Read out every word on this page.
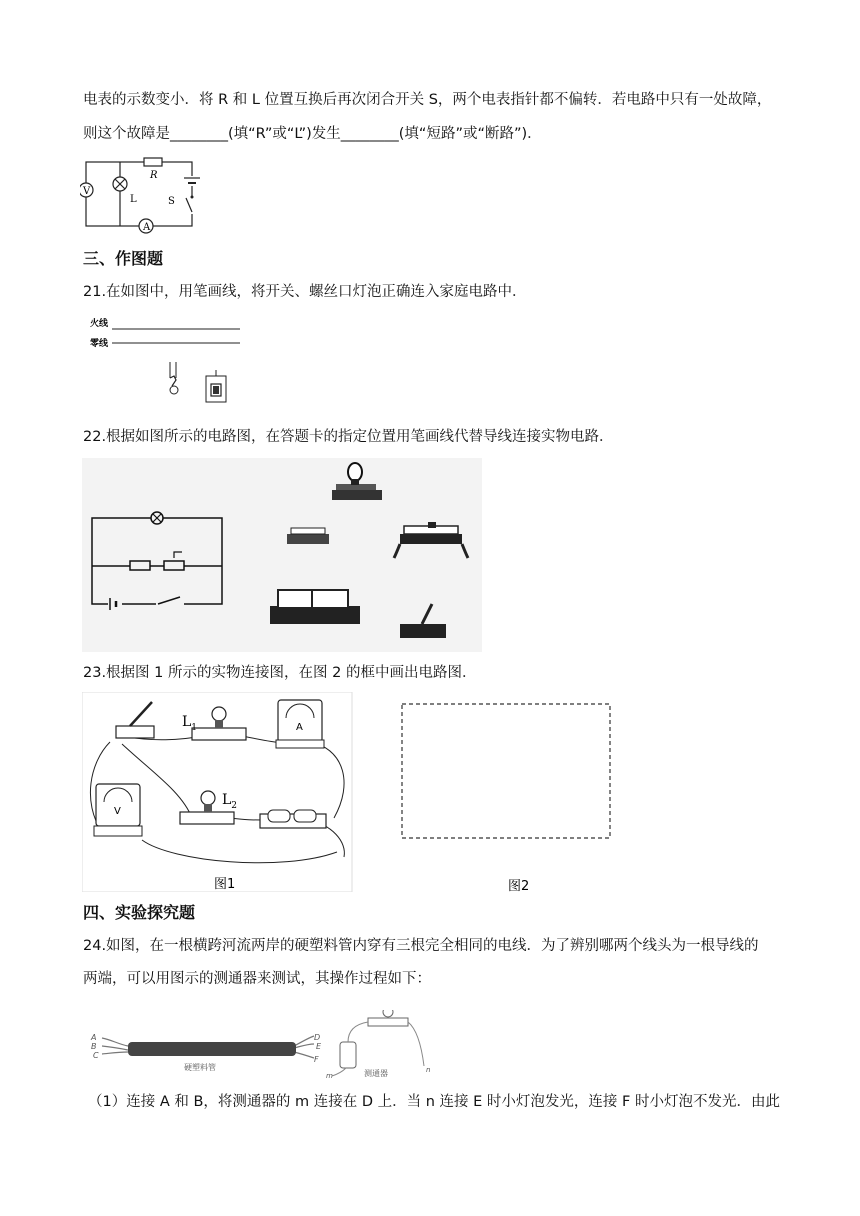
电表的示数变小．将 R 和 L 位置互换后再次闭合开关 S，两个电表指针都不偏转．若电路中只有一处故障，
则这个故障是________(填“R”或“L”)发生________(填“短路”或“断路”)．
V
A
R
L	S
三、作图题
21.在如图中，用笔画线，将开关、螺丝口灯泡正确连入家庭电路中．
火线
零线
22.根据如图所示的电路图，在答题卡的指定位置用笔画线代替导线连接实物电路．
23.根据图 1 所示的实物连接图，在图 2 的框中画出电路图．
$L_1$	A
V
$L_2$
图1	图2
四、实验探究题
24.如图，在一根横跨河流两岸的硬塑料管内穿有三根完全相同的电线．为了辨别哪两个线头为一根导线的
两端，可以用图示的测通器来测试，其操作过程如下：
A
B
C
D
E
F
硬塑料管
m
n
测通器
（1）连接 A 和 B，将测通器的 m 连接在 D 上．当 n 连接 E 时小灯泡发光，连接 F 时小灯泡不发光．由此
